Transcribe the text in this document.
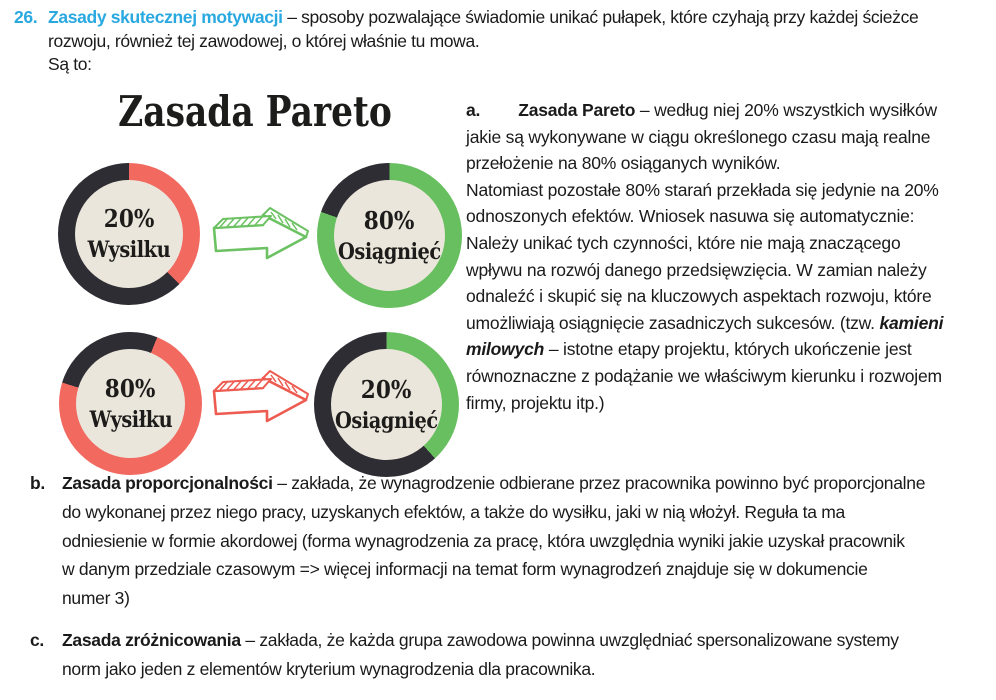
26. Zasady skutecznej motywacji – sposoby pozwalające świadomie unikać pułapek, które czyhają przy każdej ścieżce
rozwoju, również tej zawodowej, o której właśnie tu mowa.
Są to:
Zasada Pareto
20%
Wysilku
80%
Osiągnięć
80%
Wysiłku
20%
Osiągnięć
a. Zasada Pareto – według niej 20% wszystkich wysiłków
jakie są wykonywane w ciągu określonego czasu mają realne
przełożenie na 80% osiąganych wyników.
Natomiast pozostałe 80% starań przekłada się jedynie na 20%
odnoszonych efektów. Wniosek nasuwa się automatycznie:
Należy unikać tych czynności, które nie mają znaczącego
wpływu na rozwój danego przedsięwzięcia. W zamian należy
odnaleźć i skupić się na kluczowych aspektach rozwoju, które
umożliwiają osiągnięcie zasadniczych sukcesów. (tzw. kamieni
milowych – istotne etapy projektu, których ukończenie jest
równoznaczne z podążanie we właściwym kierunku i rozwojem
firmy, projektu itp.)
b. Zasada proporcjonalności – zakłada, że wynagrodzenie odbierane przez pracownika powinno być proporcjonalne
do wykonanej przez niego pracy, uzyskanych efektów, a także do wysiłku, jaki w nią włożył. Reguła ta ma
odniesienie w formie akordowej (forma wynagrodzenia za pracę, która uwzględnia wyniki jakie uzyskał pracownik
w danym przedziale czasowym => więcej informacji na temat form wynagrodzeń znajduje się w dokumencie
numer 3)
c. Zasada zróżnicowania – zakłada, że każda grupa zawodowa powinna uwzględniać spersonalizowane systemy
norm jako jeden z elementów kryterium wynagrodzenia dla pracownika.
